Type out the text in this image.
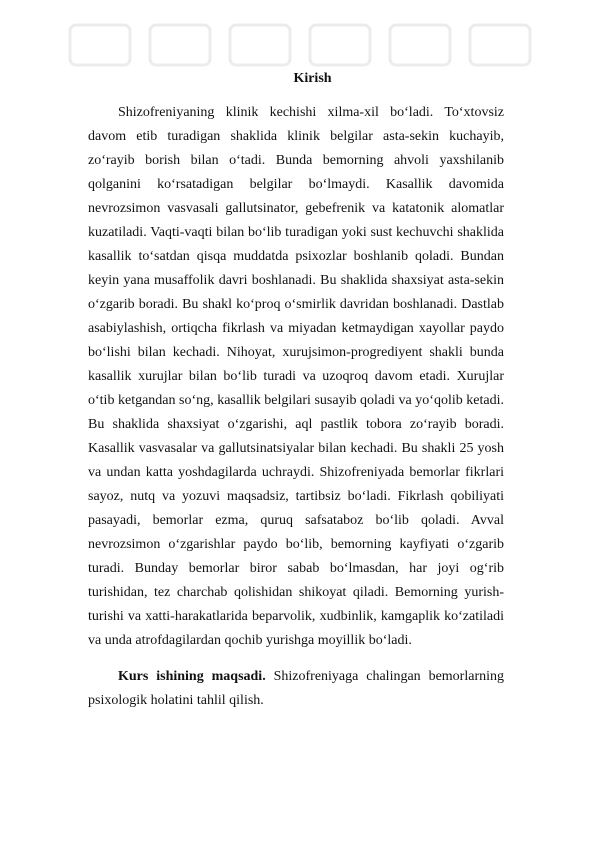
Kirish

Shizofreniyaning klinik kechishi xilma-xil bo‘ladi. To‘xtovsiz davom etib turadigan shaklida klinik belgilar asta-sekin kuchayib, zo‘rayib borish bilan o‘tadi. Bunda bemorning ahvoli yaxshilanib qolganini ko‘rsatadigan belgilar bo‘lmaydi. Kasallik davomida nevrozsimon vasvasali gallutsinator, gebefrenik va katatonik alomatlar kuzatiladi. Vaqti-vaqti bilan bo‘lib turadigan yoki sust kechuvchi shaklida kasallik to‘satdan qisqa muddatda psixozlar boshlanib qoladi. Bundan keyin yana musaffolik davri boshlanadi. Bu shaklida shaxsiyat asta-sekin o‘zgarib boradi. Bu shakl ko‘proq o‘smirlik davridan boshlanadi. Dastlab asabiylashish, ortiqcha fikrlash va miyadan ketmaydigan xayollar paydo bo‘lishi bilan kechadi. Nihoyat, xurujsimon-progrediyent shakli bunda kasallik xurujlar bilan bo‘lib turadi va uzoqroq davom etadi. Xurujlar o‘tib ketgandan so‘ng, kasallik belgilari susayib qoladi va yo‘qolib ketadi. Bu shaklida shaxsiyat o‘zgarishi, aql pastlik tobora zo‘rayib boradi. Kasallik vasvasalar va gallutsinatsiyalar bilan kechadi. Bu shakli 25 yosh va undan katta yoshdagilarda uchraydi. Shizofreniyada bemorlar fikrlari sayoz, nutq va yozuvi maqsadsiz, tartibsiz bo‘ladi. Fikrlash qobiliyati pasayadi, bemorlar ezma, quruq safsataboz bo‘lib qoladi. Avval nevrozsimon o‘zgarishlar paydo bo‘lib, bemorning kayfiyati o‘zgarib turadi. Bunday bemorlar biror sabab bo‘lmasdan, har joyi og‘rib turishidan, tez charchab qolishidan shikoyat qiladi. Bemorning yurish-turishi va xatti-harakatlarida beparvolik, xudbinlik, kamgaplik ko‘zatiladi va unda atrofdagilardan qochib yurishga moyillik bo‘ladi.

Kurs ishining maqsadi. Shizofreniyaga chalingan bemorlarning psixologik holatini tahlil qilish.
